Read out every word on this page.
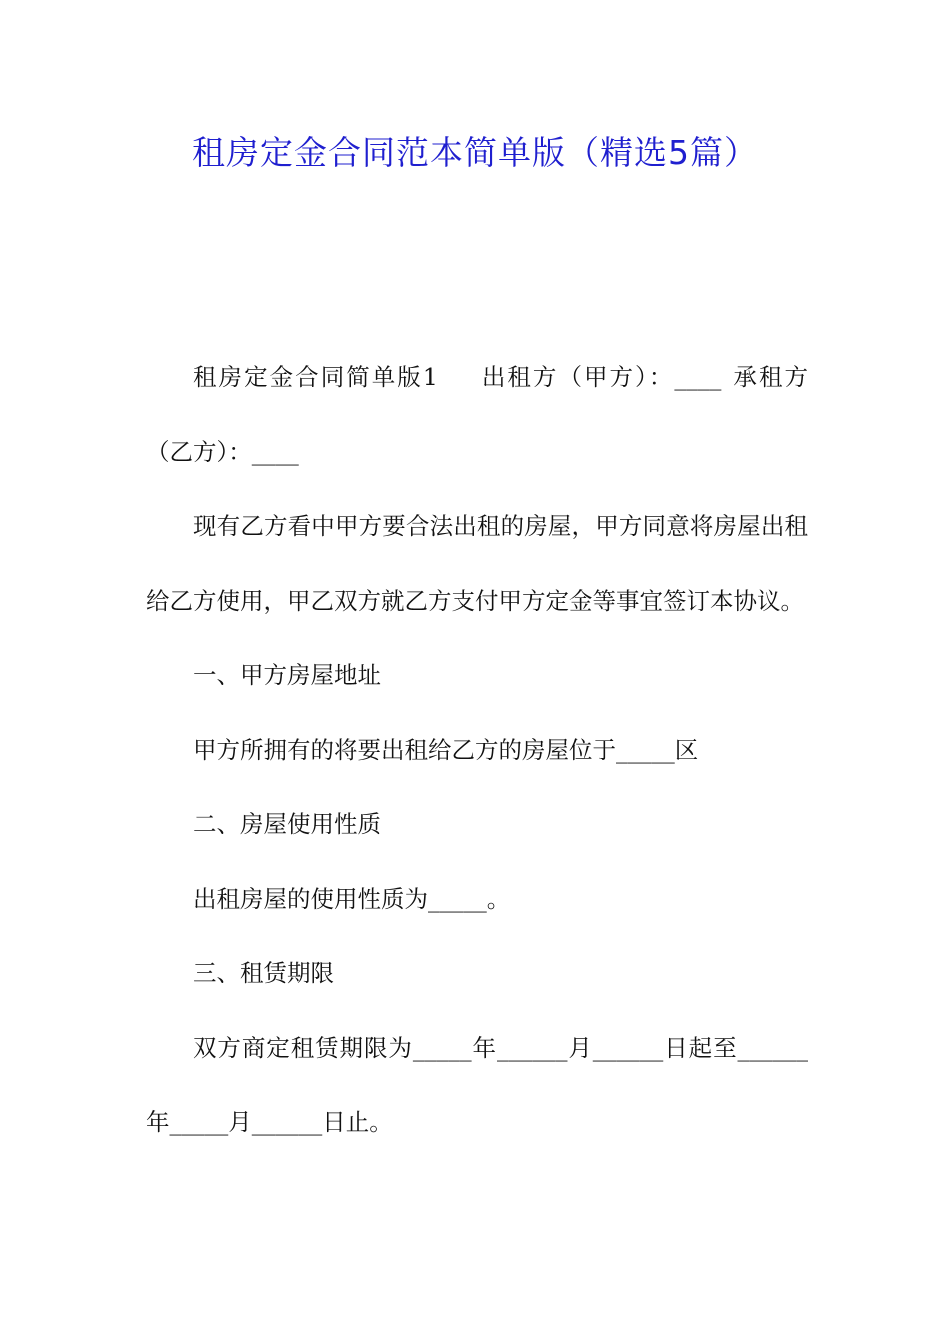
租房定金合同范本简单版（精选5篇）

租房定金合同简单版1 出租方（甲方）：____ 承租方（乙方）：____

现有乙方看中甲方要合法出租的房屋，甲方同意将房屋出租给乙方使用，甲乙双方就乙方支付甲方定金等事宜签订本协议。

一、甲方房屋地址

甲方所拥有的将要出租给乙方的房屋位于_____区

二、房屋使用性质

出租房屋的使用性质为_____。

三、租赁期限

双方商定租赁期限为_____年______月______日起至______年_____月______日止。
